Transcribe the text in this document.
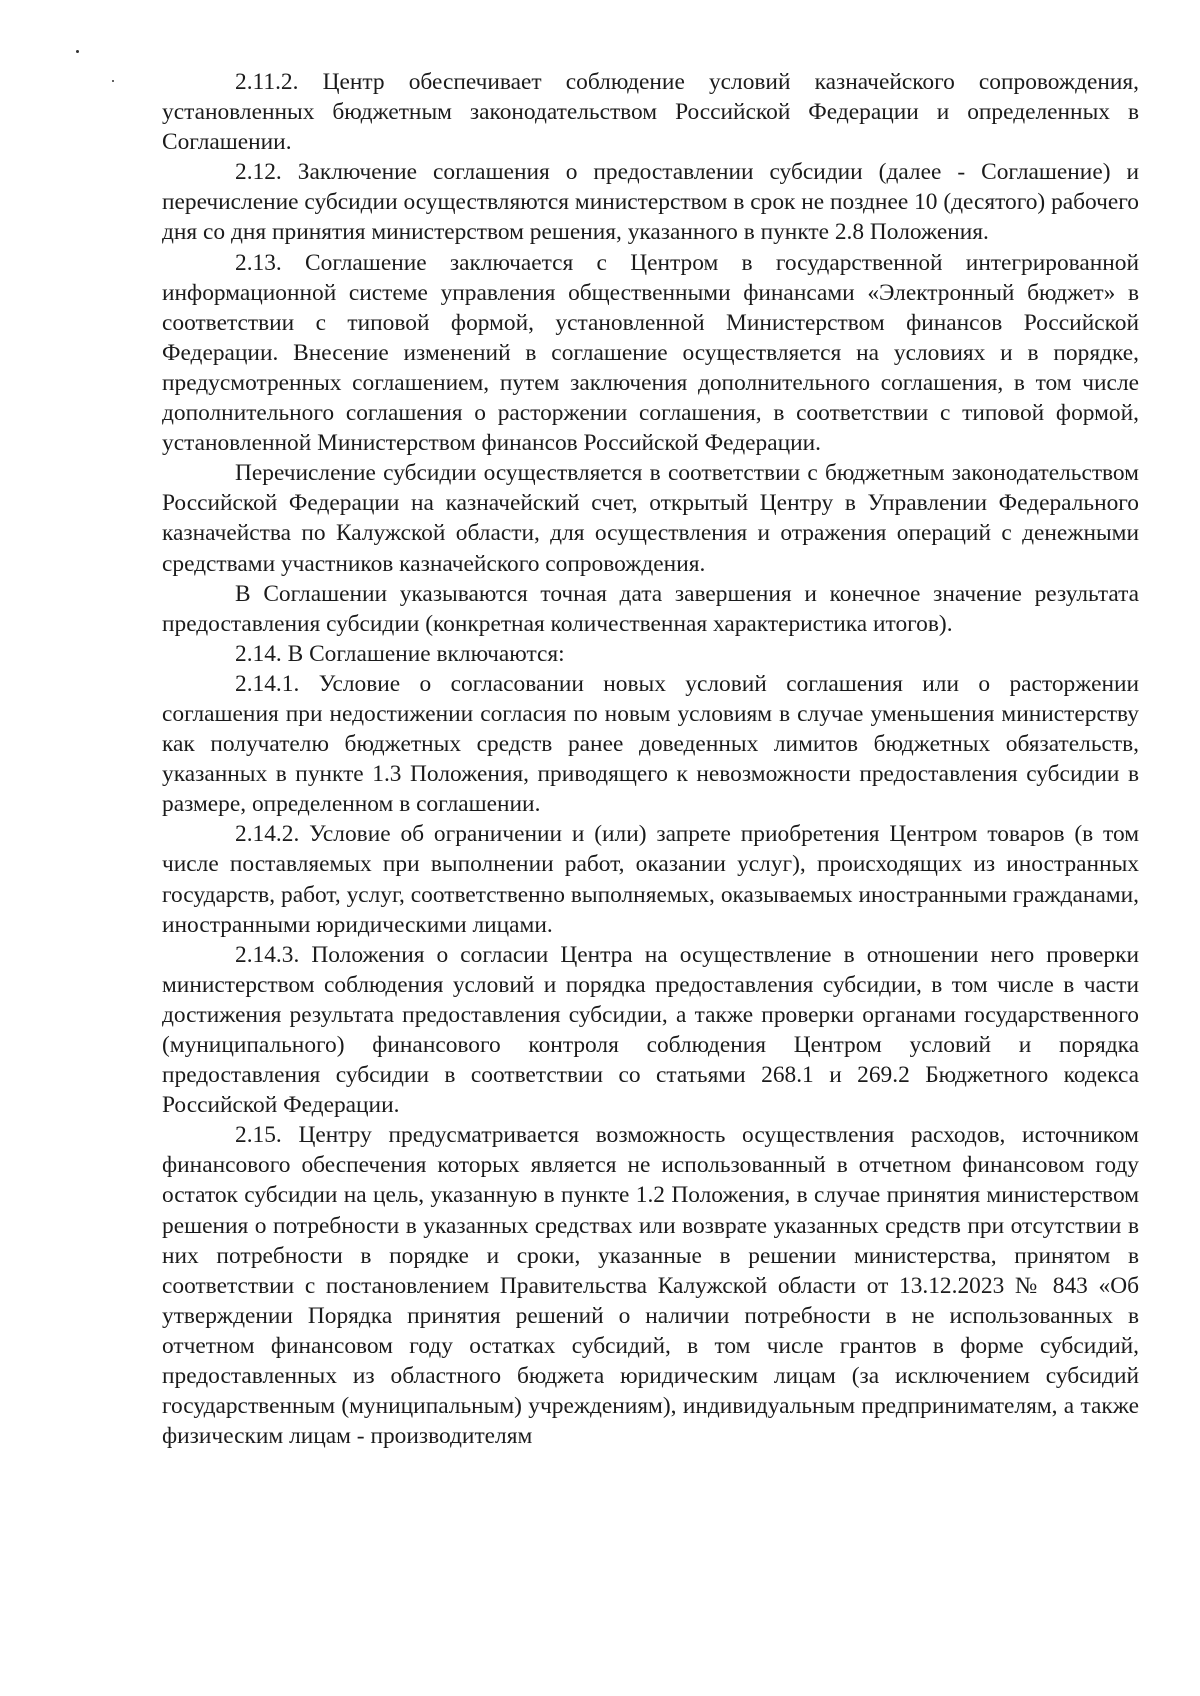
2.11.2. Центр обеспечивает соблюдение условий казначейского сопровождения, установленных бюджетным законодательством Российской Федерации и определенных в Соглашении.

2.12. Заключение соглашения о предоставлении субсидии (далее - Соглашение) и перечисление субсидии осуществляются министерством в срок не позднее 10 (десятого) рабочего дня со дня принятия министерством решения, указанного в пункте 2.8 Положения.

2.13. Соглашение заключается с Центром в государственной интегрированной информационной системе управления общественными финансами «Электронный бюджет» в соответствии с типовой формой, установленной Министерством финансов Российской Федерации. Внесение изменений в соглашение осуществляется на условиях и в порядке, предусмотренных соглашением, путем заключения дополнительного соглашения, в том числе дополнительного соглашения о расторжении соглашения, в соответствии с типовой формой, установленной Министерством финансов Российской Федерации.

Перечисление субсидии осуществляется в соответствии с бюджетным законодательством Российской Федерации на казначейский счет, открытый Центру в Управлении Федерального казначейства по Калужской области, для осуществления и отражения операций с денежными средствами участников казначейского сопровождения.

В Соглашении указываются точная дата завершения и конечное значение результата предоставления субсидии (конкретная количественная характеристика итогов).

2.14. В Соглашение включаются:

2.14.1. Условие о согласовании новых условий соглашения или о расторжении соглашения при недостижении согласия по новым условиям в случае уменьшения министерству как получателю бюджетных средств ранее доведенных лимитов бюджетных обязательств, указанных в пункте 1.3 Положения, приводящего к невозможности предоставления субсидии в размере, определенном в соглашении.

2.14.2. Условие об ограничении и (или) запрете приобретения Центром товаров (в том числе поставляемых при выполнении работ, оказании услуг), происходящих из иностранных государств, работ, услуг, соответственно выполняемых, оказываемых иностранными гражданами, иностранными юридическими лицами.

2.14.3. Положения о согласии Центра на осуществление в отношении него проверки министерством соблюдения условий и порядка предоставления субсидии, в том числе в части достижения результата предоставления субсидии, а также проверки органами государственного (муниципального) финансового контроля соблюдения Центром условий и порядка предоставления субсидии в соответствии со статьями 268.1 и 269.2 Бюджетного кодекса Российской Федерации.

2.15. Центру предусматривается возможность осуществления расходов, источником финансового обеспечения которых является не использованный в отчетном финансовом году остаток субсидии на цель, указанную в пункте 1.2 Положения, в случае принятия министерством решения о потребности в указанных средствах или возврате указанных средств при отсутствии в них потребности в порядке и сроки, указанные в решении министерства, принятом в соответствии с постановлением Правительства Калужской области от 13.12.2023 № 843 «Об утверждении Порядка принятия решений о наличии потребности в не использованных в отчетном финансовом году остатках субсидий, в том числе грантов в форме субсидий, предоставленных из областного бюджета юридическим лицам (за исключением субсидий государственным (муниципальным) учреждениям), индивидуальным предпринимателям, а также физическим лицам - производителям
